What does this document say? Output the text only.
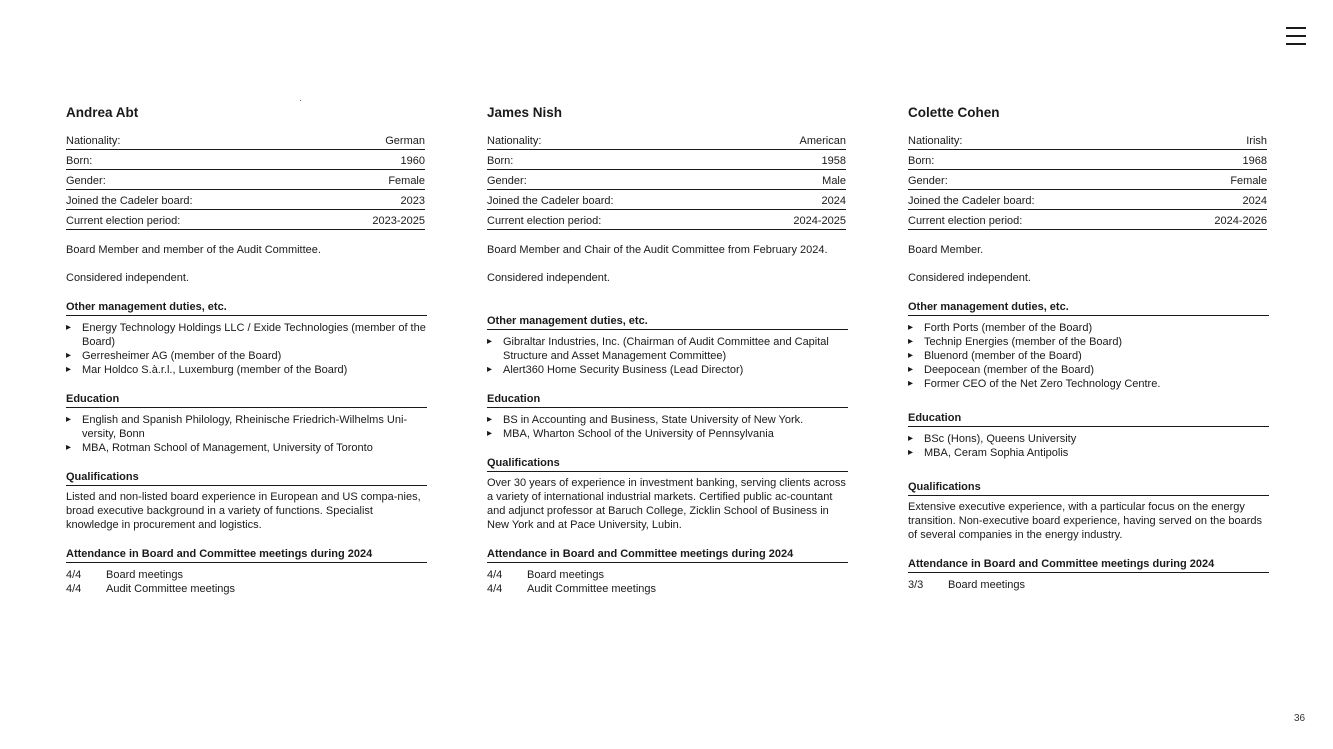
Andrea Abt
Nationality:	German
Born:	1960
Gender:	Female
Joined the Cadeler board:	2023
Current election period:	2023-2025

Board Member and member of the Audit Committee.

Considered independent.

Other management duties, etc.
▸ Energy Technology Holdings LLC / Exide Technologies (member of the Board)
▸ Gerresheimer AG (member of the Board)
▸ Mar Holdco S.à.r.l., Luxemburg (member of the Board)
Education
▸ English and Spanish Philology, Rheinische Friedrich-Wilhelms Uni-versity, Bonn
▸ MBA, Rotman School of Management, University of Toronto
Qualifications

Listed and non-listed board experience in European and US compa-nies, broad executive background in a variety of functions. Specialist knowledge in procurement and logistics.

Attendance in Board and Committee meetings during 2024
4/4	Board meetings
4/4	Audit Committee meetings
James Nish
Nationality:	American
Born:	1958
Gender:	Male
Joined the Cadeler board:	2024
Current election period:	2024-2025

Board Member and Chair of the Audit Committee from February 2024.

Considered independent.

Other management duties, etc.
▸ Gibraltar Industries, Inc. (Chairman of Audit Committee and Capital Structure and Asset Management Committee)
▸ Alert360 Home Security Business (Lead Director)
Education
▸ BS in Accounting and Business, State University of New York.
▸ MBA, Wharton School of the University of Pennsylvania
Qualifications

Over 30 years of experience in investment banking, serving clients across a variety of international industrial markets. Certified public ac-countant and adjunct professor at Baruch College, Zicklin School of Business in New York and at Pace University, Lubin.

Attendance in Board and Committee meetings during 2024
4/4	Board meetings
4/4	Audit Committee meetings
Colette Cohen
Nationality:	Irish
Born:	1968
Gender:	Female
Joined the Cadeler board:	2024
Current election period:	2024-2026

Board Member.

Considered independent.

Other management duties, etc.
▸ Forth Ports (member of the Board)
▸ Technip Energies (member of the Board)
▸ Bluenord (member of the Board)
▸ Deepocean (member of the Board)
▸ Former CEO of the Net Zero Technology Centre.
Education
▸ BSc (Hons), Queens University
▸ MBA, Ceram Sophia Antipolis
Qualifications

Extensive executive experience, with a particular focus on the energy transition. Non-executive board experience, having served on the boards of several companies in the energy industry.

Attendance in Board and Committee meetings during 2024
3/3	Board meetings
36
